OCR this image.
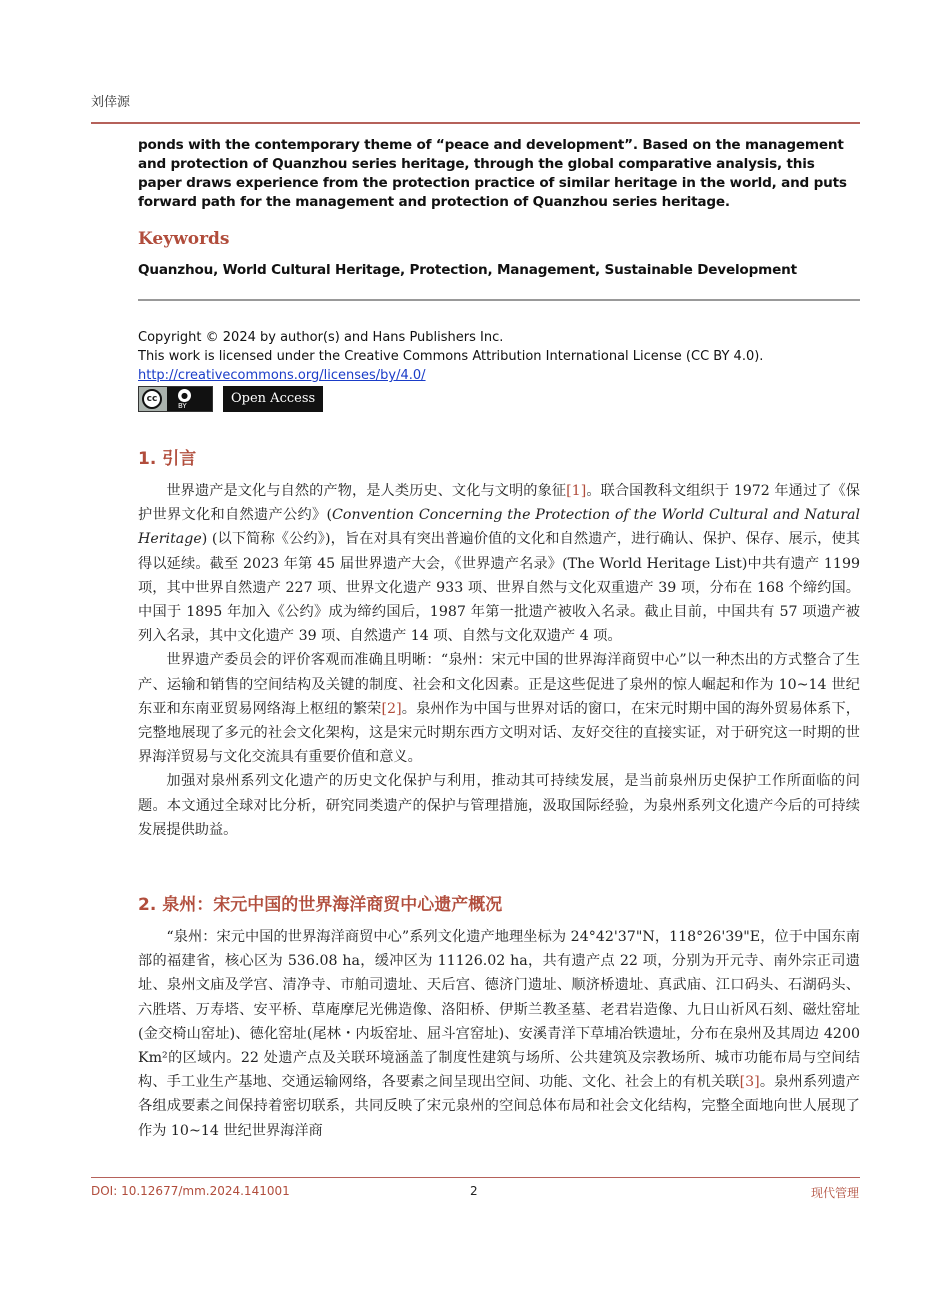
刘倖源

ponds with the contemporary theme of “peace and development”. Based on the management and protection of Quanzhou series heritage, through the global comparative analysis, this paper draws experience from the protection practice of similar heritage in the world, and puts forward path for the management and protection of Quanzhou series heritage.

Keywords
Quanzhou, World Cultural Heritage, Protection, Management, Sustainable Development
Copyright © 2024 by author(s) and Hans Publishers Inc.
This work is licensed under the Creative Commons Attribution International License (CC BY 4.0).
http://creativecommons.org/licenses/by/4.0/
cc	●
BY	Open Access
1. 引言

世界遗产是文化与自然的产物，是人类历史、文化与文明的象征[1]。联合国教科文组织于 1972 年通过了《保护世界文化和自然遗产公约》(Convention Concerning the Protection of the World Cultural and Natural Heritage) (以下简称《公约》)，旨在对具有突出普遍价值的文化和自然遗产，进行确认、保护、保存、展示，使其得以延续。截至 2023 年第 45 届世界遗产大会，《世界遗产名录》(The World Heritage List)中共有遗产 1199 项，其中世界自然遗产 227 项、世界文化遗产 933 项、世界自然与文化双重遗产 39 项，分布在 168 个缔约国。中国于 1895 年加入《公约》成为缔约国后，1987 年第一批遗产被收入名录。截止目前，中国共有 57 项遗产被列入名录，其中文化遗产 39 项、自然遗产 14 项、自然与文化双遗产 4 项。

世界遗产委员会的评价客观而准确且明晰：“泉州：宋元中国的世界海洋商贸中心”以一种杰出的方式整合了生产、运输和销售的空间结构及关键的制度、社会和文化因素。正是这些促进了泉州的惊人崛起和作为 10~14 世纪东亚和东南亚贸易网络海上枢纽的繁荣[2]。泉州作为中国与世界对话的窗口，在宋元时期中国的海外贸易体系下，完整地展现了多元的社会文化架构，这是宋元时期东西方文明对话、友好交往的直接实证，对于研究这一时期的世界海洋贸易与文化交流具有重要价值和意义。

加强对泉州系列文化遗产的历史文化保护与利用，推动其可持续发展，是当前泉州历史保护工作所面临的问题。本文通过全球对比分析，研究同类遗产的保护与管理措施，汲取国际经验，为泉州系列文化遗产今后的可持续发展提供助益。

2. 泉州：宋元中国的世界海洋商贸中心遗产概况

“泉州：宋元中国的世界海洋商贸中心”系列文化遗产地理坐标为 24°42'37"N，118°26'39"E，位于中国东南部的福建省，核心区为 536.08 ha，缓冲区为 11126.02 ha，共有遗产点 22 项，分别为开元寺、南外宗正司遗址、泉州文庙及学宫、清净寺、市舶司遗址、天后宫、德济门遗址、顺济桥遗址、真武庙、江口码头、石湖码头、六胜塔、万寿塔、安平桥、草庵摩尼光佛造像、洛阳桥、伊斯兰教圣墓、老君岩造像、九日山祈风石刻、磁灶窑址(金交椅山窑址)、德化窑址(尾林・内坂窑址、屈斗宫窑址)、安溪青洋下草埔冶铁遗址，分布在泉州及其周边 4200 Km²的区域内。22 处遗产点及关联环境涵盖了制度性建筑与场所、公共建筑及宗教场所、城市功能布局与空间结构、手工业生产基地、交通运输网络，各要素之间呈现出空间、功能、文化、社会上的有机关联[3]。泉州系列遗产各组成要素之间保持着密切联系，共同反映了宋元泉州的空间总体布局和社会文化结构，完整全面地向世人展现了作为 10~14 世纪世界海洋商

DOI: 10.12677/mm.2024.141001	2	现代管理
